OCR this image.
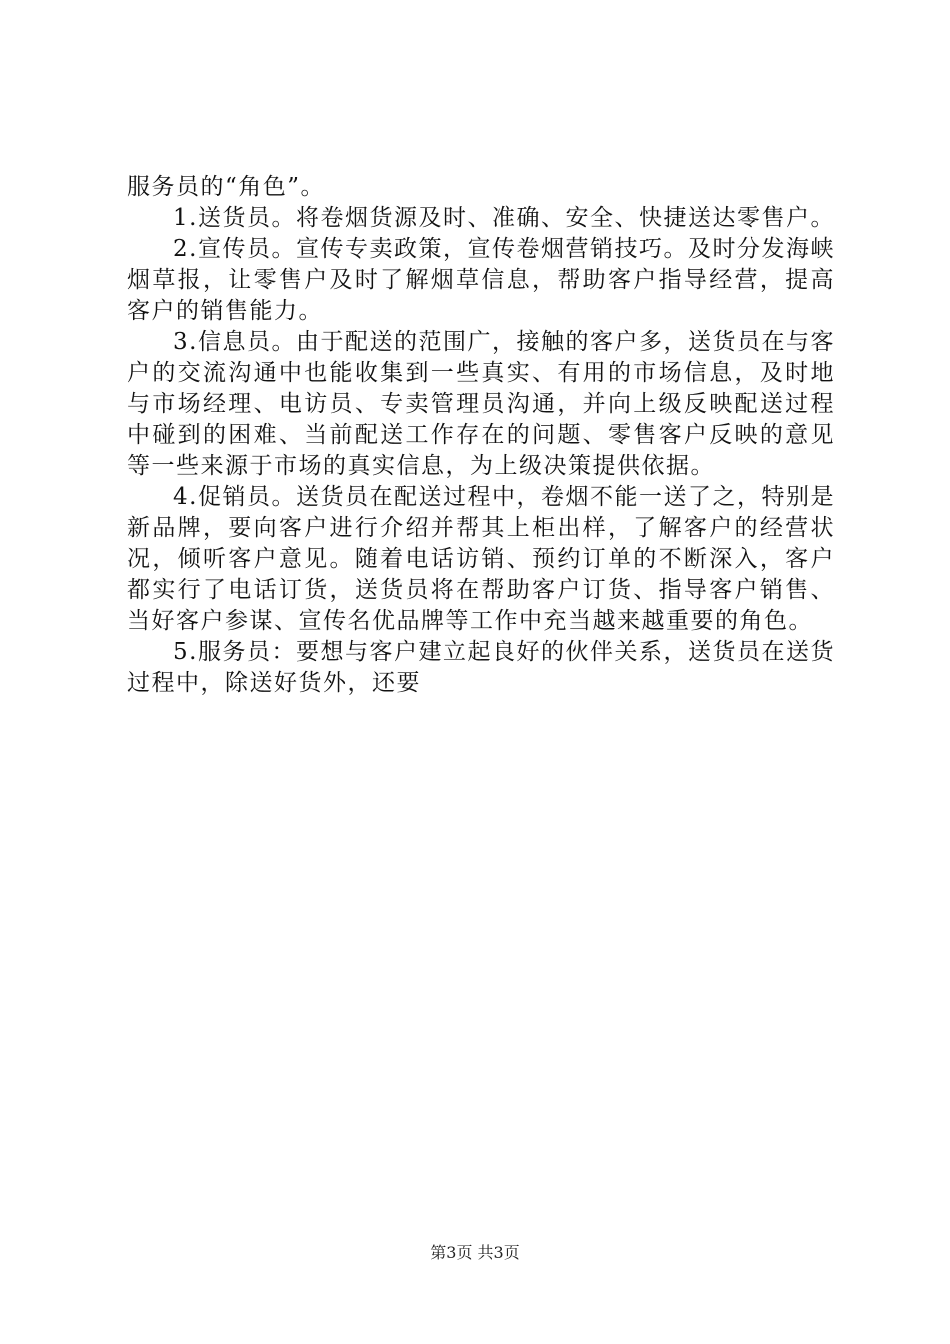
服务员的“角色”。

1.送货员。将卷烟货源及时、准确、安全、快捷送达零售户。

2.宣传员。宣传专卖政策，宣传卷烟营销技巧。及时分发海峡烟草报，让零售户及时了解烟草信息，帮助客户指导经营，提高客户的销售能力。

3.信息员。由于配送的范围广，接触的客户多，送货员在与客户的交流沟通中也能收集到一些真实、有用的市场信息，及时地与市场经理、电访员、专卖管理员沟通，并向上级反映配送过程中碰到的困难、当前配送工作存在的问题、零售客户反映的意见等一些来源于市场的真实信息，为上级决策提供依据。

4.促销员。送货员在配送过程中，卷烟不能一送了之，特别是新品牌，要向客户进行介绍并帮其上柜出样，了解客户的经营状况，倾听客户意见。随着电话访销、预约订单的不断深入，客户都实行了电话订货，送货员将在帮助客户订货、指导客户销售、当好客户参谋、宣传名优品牌等工作中充当越来越重要的角色。

5.服务员：要想与客户建立起良好的伙伴关系，送货员在送货过程中，除送好货外，还要

第3页 共3页
